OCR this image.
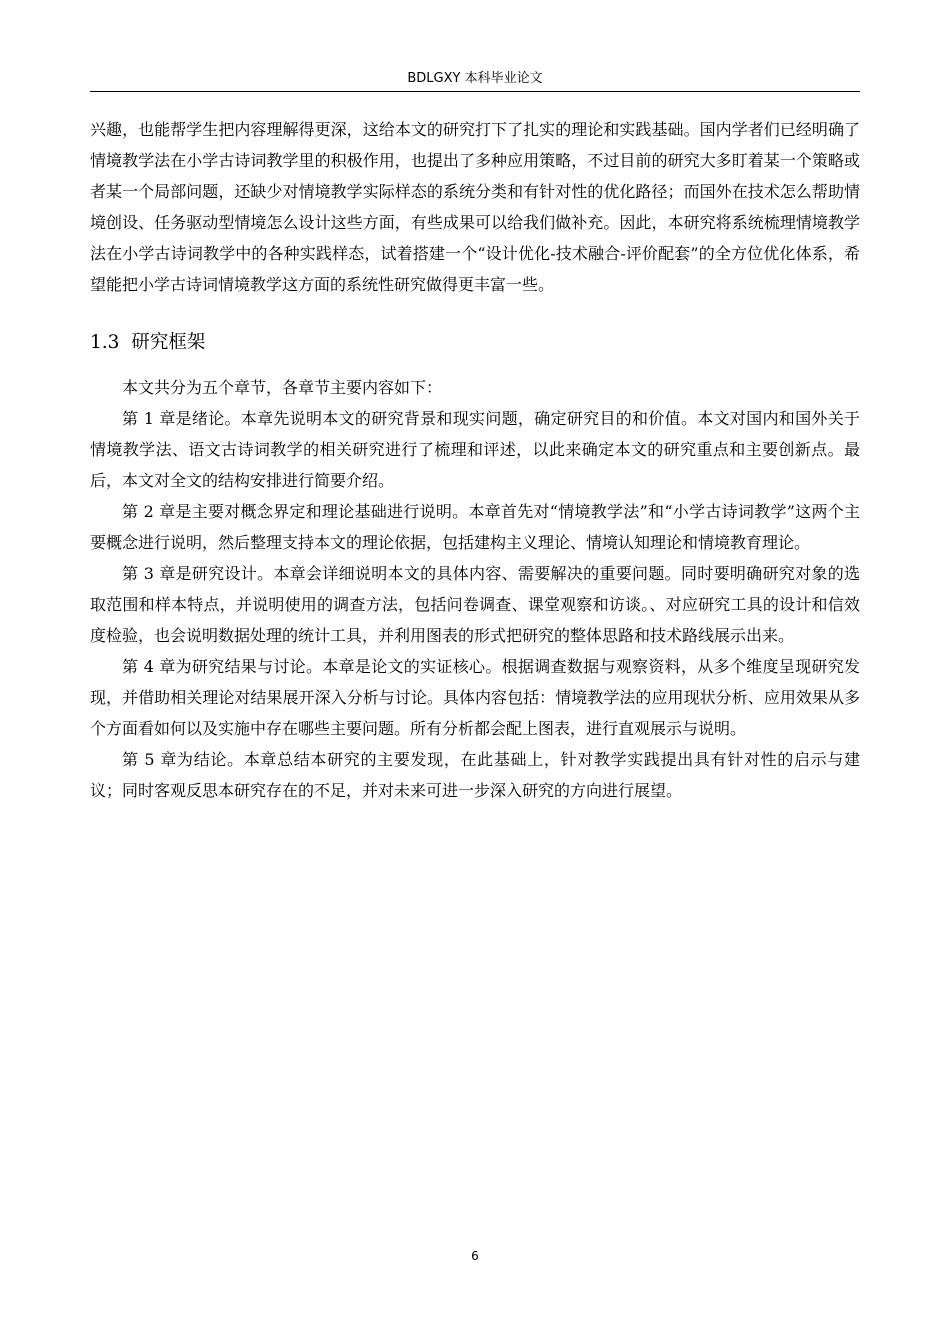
BDLGXY 本科毕业论文

兴趣，也能帮学生把内容理解得更深，这给本文的研究打下了扎实的理论和实践基础。国内学者们已经明确了情境教学法在小学古诗词教学里的积极作用，也提出了多种应用策略，不过目前的研究大多盯着某一个策略或者某一个局部问题，还缺少对情境教学实际样态的系统分类和有针对性的优化路径；而国外在技术怎么帮助情境创设、任务驱动型情境怎么设计这些方面，有些成果可以给我们做补充。因此，本研究将系统梳理情境教学法在小学古诗词教学中的各种实践样态，试着搭建一个“设计优化-技术融合-评价配套”的全方位优化体系，希望能把小学古诗词情境教学这方面的系统性研究做得更丰富一些。

1.3 研究框架

本文共分为五个章节，各章节主要内容如下：

第 1 章是绪论。本章先说明本文的研究背景和现实问题，确定研究目的和价值。本文对国内和国外关于情境教学法、语文古诗词教学的相关研究进行了梳理和评述，以此来确定本文的研究重点和主要创新点。最后，本文对全文的结构安排进行简要介绍。

第 2 章是主要对概念界定和理论基础进行说明。本章首先对“情境教学法”和“小学古诗词教学”这两个主要概念进行说明，然后整理支持本文的理论依据，包括建构主义理论、情境认知理论和情境教育理论。

第 3 章是研究设计。本章会详细说明本文的具体内容、需要解决的重要问题。同时要明确研究对象的选取范围和样本特点，并说明使用的调查方法，包括问卷调查、课堂观察和访谈。、对应研究工具的设计和信效度检验，也会说明数据处理的统计工具，并利用图表的形式把研究的整体思路和技术路线展示出来。

第 4 章为研究结果与讨论。本章是论文的实证核心。根据调查数据与观察资料，从多个维度呈现研究发现，并借助相关理论对结果展开深入分析与讨论。具体内容包括：情境教学法的应用现状分析、应用效果从多个方面看如何以及实施中存在哪些主要问题。所有分析都会配上图表，进行直观展示与说明。

第 5 章为结论。本章总结本研究的主要发现，在此基础上，针对教学实践提出具有针对性的启示与建议；同时客观反思本研究存在的不足，并对未来可进一步深入研究的方向进行展望。

6
